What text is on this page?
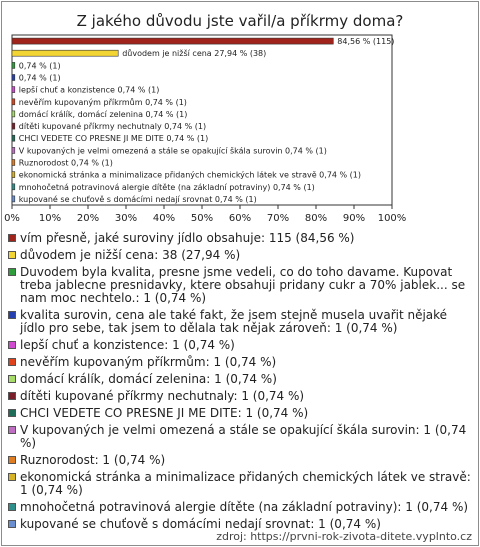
Z jakého důvodu jste vařil/a příkrmy doma?
84,56 % (115)
důvodem je nižší cena 27,94 % (38)
0,74 % (1)
0,74 % (1)
lepší chuť a konzistence 0,74 % (1)
nevěřím kupovaným příkrmům 0,74 % (1)
domácí králík, domácí zelenina 0,74 % (1)
dítěti kupované příkrmy nechutnaly 0,74 % (1)
CHCI VEDETE CO PRESNE JI ME DITE 0,74 % (1)
V kupovaných je velmi omezená a stále se opakující škála surovin 0,74 % (1)
Ruznorodost 0,74 % (1)
ekonomická stránka a minimalizace přidaných chemických látek ve stravě 0,74 % (1)
mnohočetná potravinová alergie dítěte (na základní potraviny) 0,74 % (1)
kupované se chuťově s domácími nedají srovnat 0,74 % (1)
0% 10% 20% 30% 40% 50% 60% 70% 80% 90% 100%
vím přesně, jaké suroviny jídlo obsahuje: 115 (84,56 %)
důvodem je nižší cena: 38 (27,94 %)
Duvodem byla kvalita, presne jsme vedeli, co do toho davame. Kupovat treba jablecne presnidavky, ktere obsahuji pridany cukr a 70% jablek... se nam moc nechtelo.: 1 (0,74 %)
kvalita surovin, cena ale také fakt, že jsem stejně musela uvařit nějaké jídlo pro sebe, tak jsem to dělala tak nějak zároveň: 1 (0,74 %)
lepší chuť a konzistence: 1 (0,74 %)
nevěřím kupovaným příkrmům: 1 (0,74 %)
domácí králík, domácí zelenina: 1 (0,74 %)
dítěti kupované příkrmy nechutnaly: 1 (0,74 %)
CHCI VEDETE CO PRESNE JI ME DITE: 1 (0,74 %)
V kupovaných je velmi omezená a stále se opakující škála surovin: 1 (0,74 %)
Ruznorodost: 1 (0,74 %)
ekonomická stránka a minimalizace přidaných chemických látek ve stravě: 1 (0,74 %)
mnohočetná potravinová alergie dítěte (na základní potraviny): 1 (0,74 %)
kupované se chuťově s domácími nedají srovnat: 1 (0,74 %)
zdroj: https://prvni-rok-zivota-ditete.vyplnto.cz
